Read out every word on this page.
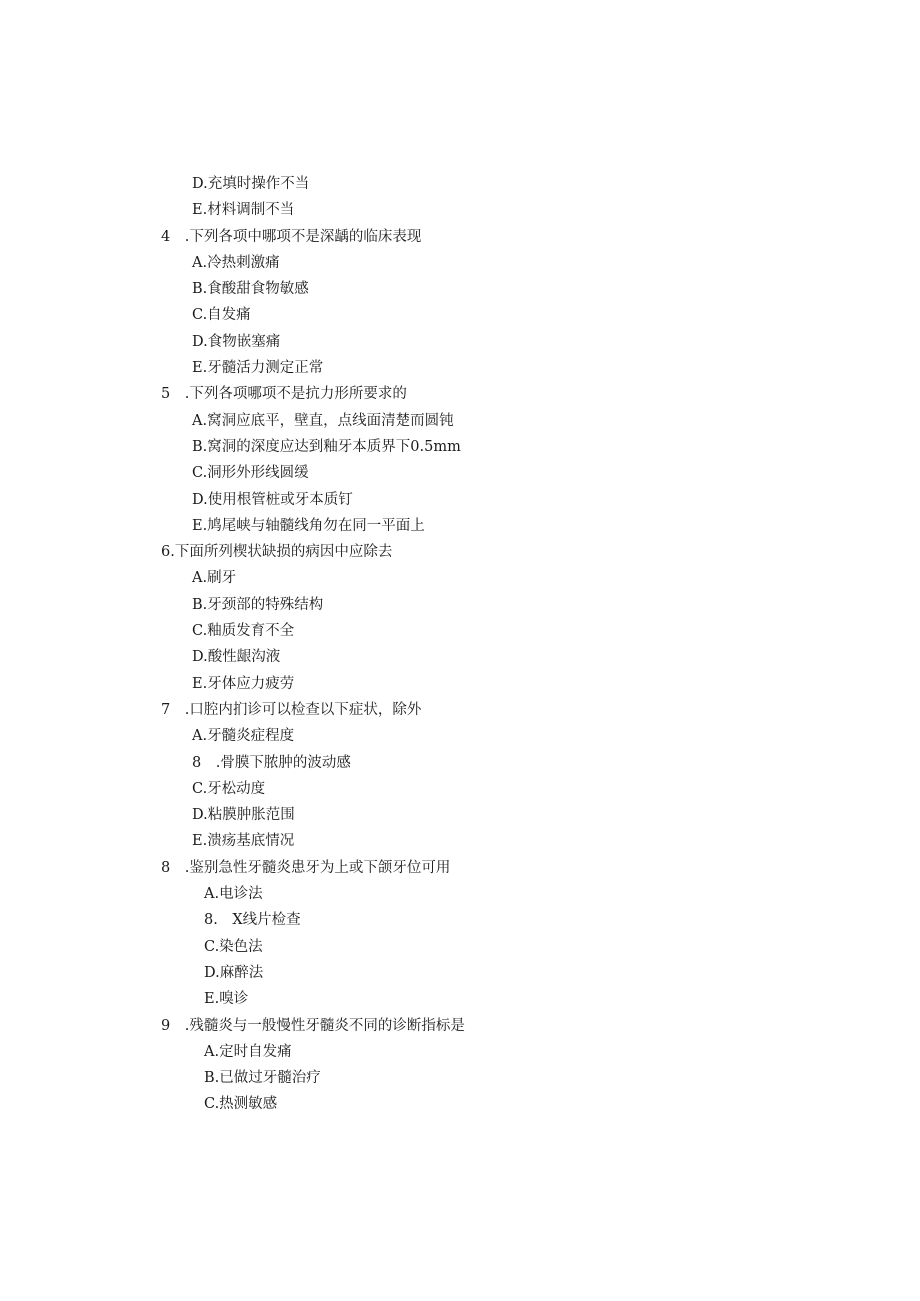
D.充填时操作不当
E.材料调制不当
4　.下列各项中哪项不是深龋的临床表现
A.冷热刺激痛
B.食酸甜食物敏感
C.自发痛
D.食物嵌塞痛
E.牙髓活力测定正常
5　.下列各项哪项不是抗力形所要求的
A.窝洞应底平，壁直，点线面清楚而圆钝
B.窝洞的深度应达到釉牙本质界下0.5mm
C.洞形外形线圆缓
D.使用根管桩或牙本质钉
E.鸠尾峡与轴髓线角勿在同一平面上
6.下面所列楔状缺损的病因中应除去
A.刷牙
B.牙颈部的特殊结构
C.釉质发育不全
D.酸性龈沟液
E.牙体应力疲劳
7　.口腔内扪诊可以检查以下症状，除外
A.牙髓炎症程度
8　.骨膜下脓肿的波动感
C.牙松动度
D.粘膜肿胀范围
E.溃疡基底情况
8　.鉴别急性牙髓炎患牙为上或下颌牙位可用
A.电诊法
8.　X线片检查
C.染色法
D.麻醉法
E.嗅诊
9　.残髓炎与一般慢性牙髓炎不同的诊断指标是
A.定时自发痛
B.已做过牙髓治疗
C.热测敏感
